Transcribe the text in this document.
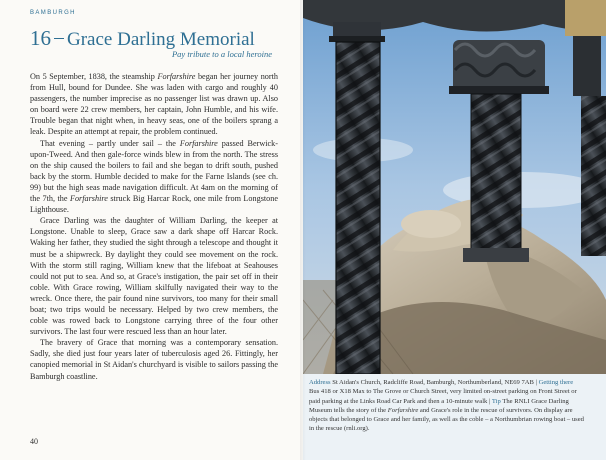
BAMBURGH
16 Grace Darling Memorial
Pay tribute to a local heroine

On 5 September, 1838, the steamship Forfarshire began her journey north from Hull, bound for Dundee. She was laden with cargo and roughly 40 passengers, the number imprecise as no passenger list was drawn up. Also on board were 22 crew members, her captain, John Humble, and his wife. Trouble began that night when, in heavy seas, one of the boilers sprang a leak. Despite an attempt at repair, the problem continued.

That evening – partly under sail – the Forfarshire passed Berwick-upon-Tweed. And then gale-force winds blew in from the north. The stress on the ship caused the boilers to fail and she began to drift south, pushed back by the storm. Humble decided to make for the Farne Islands (see ch. 99) but the high seas made navigation difficult. At 4am on the morning of the 7th, the Forfarshire struck Big Harcar Rock, one mile from Longstone Lighthouse.

Grace Darling was the daughter of William Darling, the keeper at Longstone. Unable to sleep, Grace saw a dark shape off Harcar Rock. Waking her father, they studied the sight through a telescope and thought it must be a shipwreck. By daylight they could see movement on the rock. With the storm still raging, William knew that the lifeboat at Seahouses could not put to sea. And so, at Grace's instigation, the pair set off in their coble. With Grace rowing, William skilfully navigated their way to the wreck. Once there, the pair found nine survivors, too many for their small boat; two trips would be necessary. Helped by two crew members, the coble was rowed back to Longstone carrying three of the four other survivors. The last four were rescued less than an hour later.

The bravery of Grace that morning was a contemporary sensation. Sadly, she died just four years later of tuberculosis aged 26. Fittingly, her canopied memorial in St Aidan's churchyard is visible to sailors passing the Bamburgh coastline.

40
Address St Aidan's Church, Radcliffe Road, Bamburgh, Northumberland, NE69 7AB | Getting there Bus 418 or X18 Max to The Grove or Church Street, very limited on-street parking on Front Street or paid parking at the Links Road Car Park and then a 10-minute walk | Tip The RNLI Grace Darling Museum tells the story of the Forfarshire and Grace's role in the rescue of survivors. On display are objects that belonged to Grace and her family, as well as the coble – a Northumbrian rowing boat – used in the rescue (rnli.org).
